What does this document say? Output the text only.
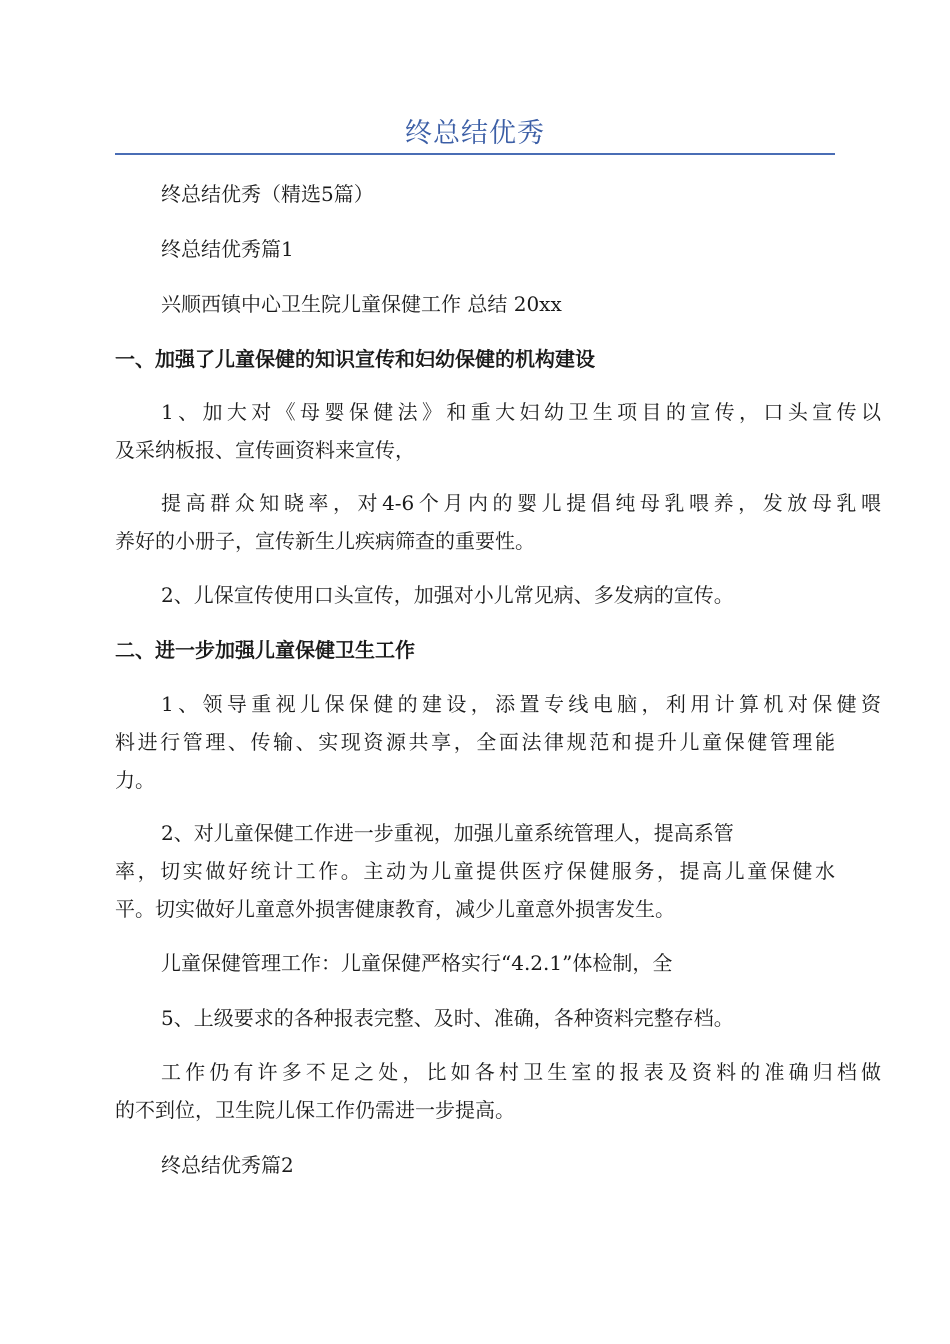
终总结优秀
终总结优秀（精选5篇）
终总结优秀篇1
兴顺西镇中心卫生院儿童保健工作 总结 20xx
一、加强了儿童保健的知识宣传和妇幼保健的机构建设
1、加大对《母婴保健法》和重大妇幼卫生项目的宣传，口头宣传以
及采纳板报、宣传画资料来宣传，
提高群众知晓率，对4-6个月内的婴儿提倡纯母乳喂养，发放母乳喂
养好的小册子，宣传新生儿疾病筛查的重要性。
2、儿保宣传使用口头宣传，加强对小儿常见病、多发病的宣传。
二、进一步加强儿童保健卫生工作
1、领导重视儿保保健的建设，添置专线电脑，利用计算机对保健资
料进行管理、传输、实现资源共享，全面法律规范和提升儿童保健管理能
力。
2、对儿童保健工作进一步重视，加强儿童系统管理人，提高系管
率，切实做好统计工作。主动为儿童提供医疗保健服务，提高儿童保健水
平。切实做好儿童意外损害健康教育，减少儿童意外损害发生。
儿童保健管理工作：儿童保健严格实行“4.2.1”体检制，全
5、上级要求的各种报表完整、及时、准确，各种资料完整存档。
工作仍有许多不足之处，比如各村卫生室的报表及资料的准确归档做
的不到位，卫生院儿保工作仍需进一步提高。
终总结优秀篇2
